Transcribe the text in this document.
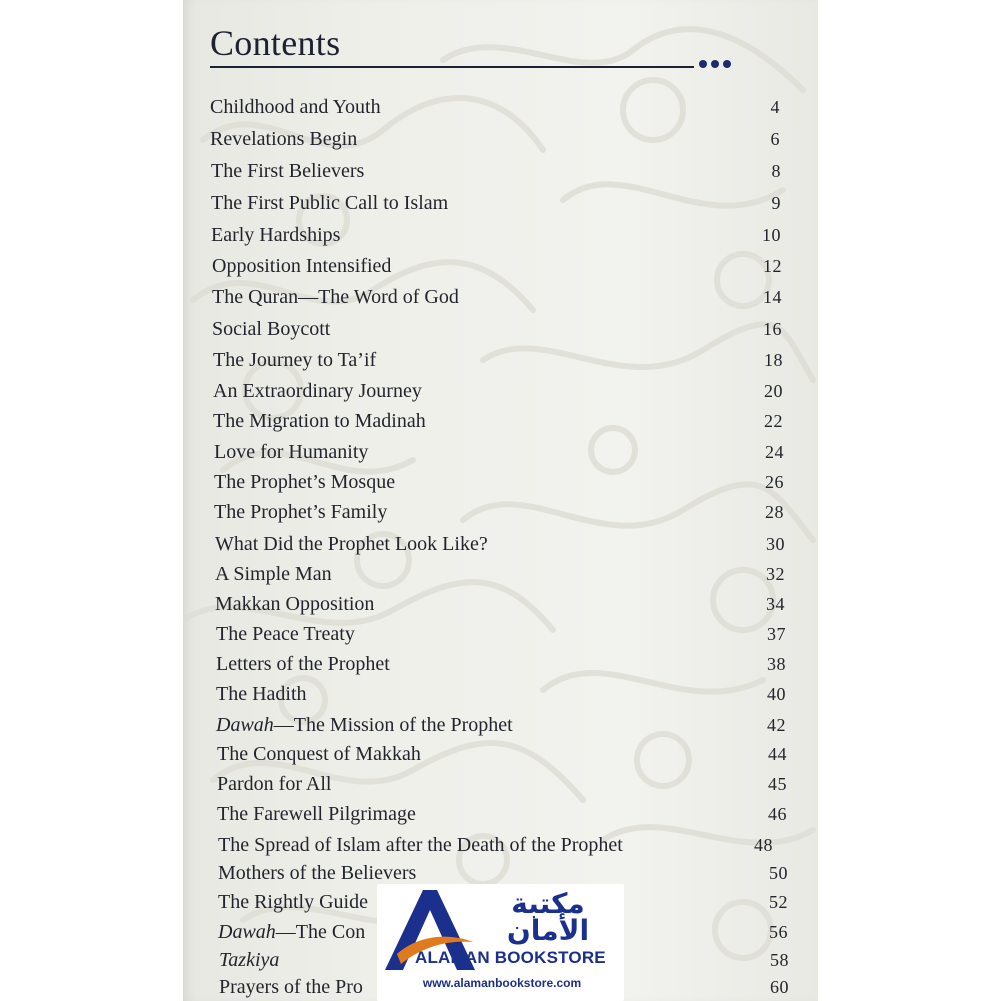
Contents
Childhood and Youth	4
Revelations Begin	6
The First Believers	8
The First Public Call to Islam	9
Early Hardships	10
Opposition Intensified	12
The Quran—The Word of God	14
Social Boycott	16
The Journey to Ta’if	18
An Extraordinary Journey	20
The Migration to Madinah	22
Love for Humanity	24
The Prophet’s Mosque	26
The Prophet’s Family	28
What Did the Prophet Look Like?	30
A Simple Man	32
Makkan Opposition	34
The Peace Treaty	37
Letters of the Prophet	38
The Hadith	40
Dawah—The Mission of the Prophet	42
The Conquest of Makkah	44
Pardon for All	45
The Farewell Pilgrimage	46
The Spread of Islam after the Death of the Prophet	48
Mothers of the Believers	50
The Rightly Guide	52
Dawah—The Con	56
Tazkiya	58
Prayers of the Pro	60
مكتبة
الأمان
ALAMAN BOOKSTORE
www.alamanbookstore.com
